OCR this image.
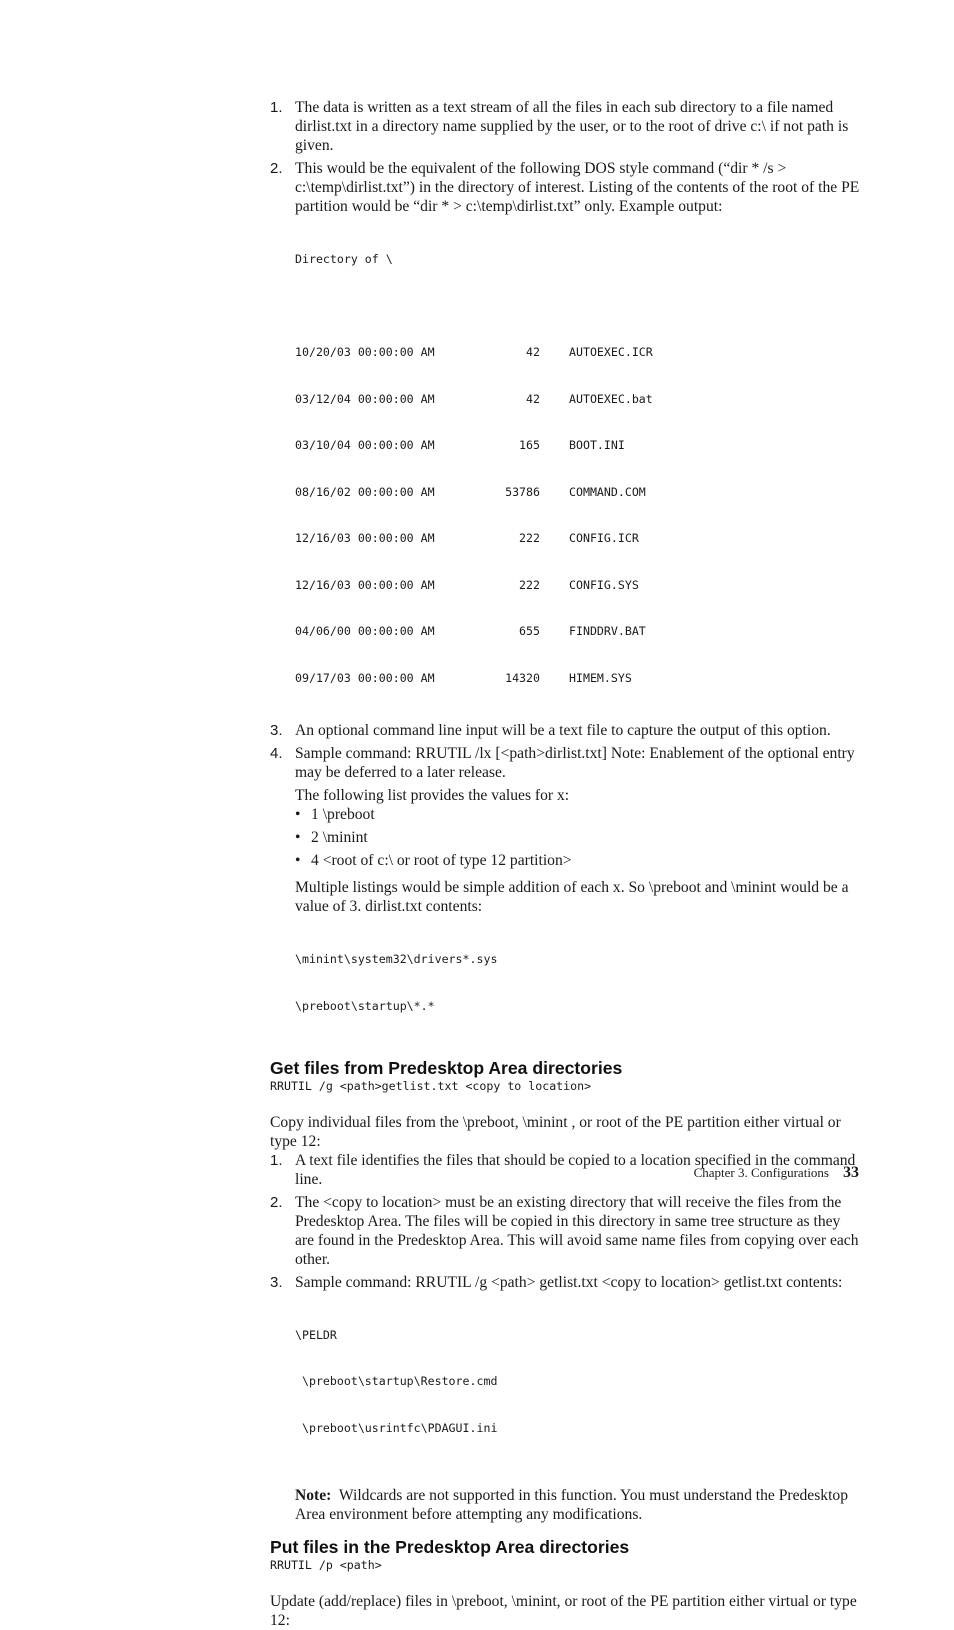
1. The data is written as a text stream of all the files in each sub directory to a file named dirlist.txt in a directory name supplied by the user, or to the root of drive c:\ if not path is given.
2. This would be the equivalent of the following DOS style command (“dir * /s > c:\temp\dirlist.txt”) in the directory of interest. Listing of the contents of the root of the PE partition would be “dir * > c:\temp\dirlist.txt” only. Example output:

Directory of \

10/20/03 00:00:00 AM	42	AUTOEXEC.ICR

03/12/04 00:00:00 AM	42	AUTOEXEC.bat

03/10/04 00:00:00 AM	165	BOOT.INI

08/16/02 00:00:00 AM	53786	COMMAND.COM

12/16/03 00:00:00 AM	222	CONFIG.ICR

12/16/03 00:00:00 AM	222	CONFIG.SYS

04/06/00 00:00:00 AM	655	FINDDRV.BAT

09/17/03 00:00:00 AM	14320	HIMEM.SYS

3. An optional command line input will be a text file to capture the output of this option.
4. Sample command: RRUTIL /lx [<path>dirlist.txt] Note: Enablement of the optional entry may be deferred to a later release.
The following list provides the values for x:
• 1 \preboot
• 2 \minint
• 4 <root of c:\ or root of type 12 partition>
Multiple listings would be simple addition of each x. So \preboot and \minint would be a value of 3. dirlist.txt contents:

\minint\system32\drivers*.sys

\preboot\startup\*.*

Get files from Predesktop Area directories
RRUTIL /g <path>getlist.txt <copy to location>
Copy individual files from the \preboot, \minint , or root of the PE partition either virtual or type 12:
1. A text file identifies the files that should be copied to a location specified in the command line.
2. The <copy to location> must be an existing directory that will receive the files from the Predesktop Area. The files will be copied in this directory in same tree structure as they are found in the Predesktop Area. This will avoid same name files from copying over each other.
3. Sample command: RRUTIL /g <path> getlist.txt <copy to location> getlist.txt contents:

\PELDR

\preboot\startup\Restore.cmd

\preboot\usrintfc\PDAGUI.ini

Note: Wildcards are not supported in this function. You must understand the Predesktop Area environment before attempting any modifications.
Put files in the Predesktop Area directories
RRUTIL /p <path>
Update (add/replace) files in \preboot, \minint, or root of the PE partition either virtual or type 12:
Chapter 3. Configurations 33
